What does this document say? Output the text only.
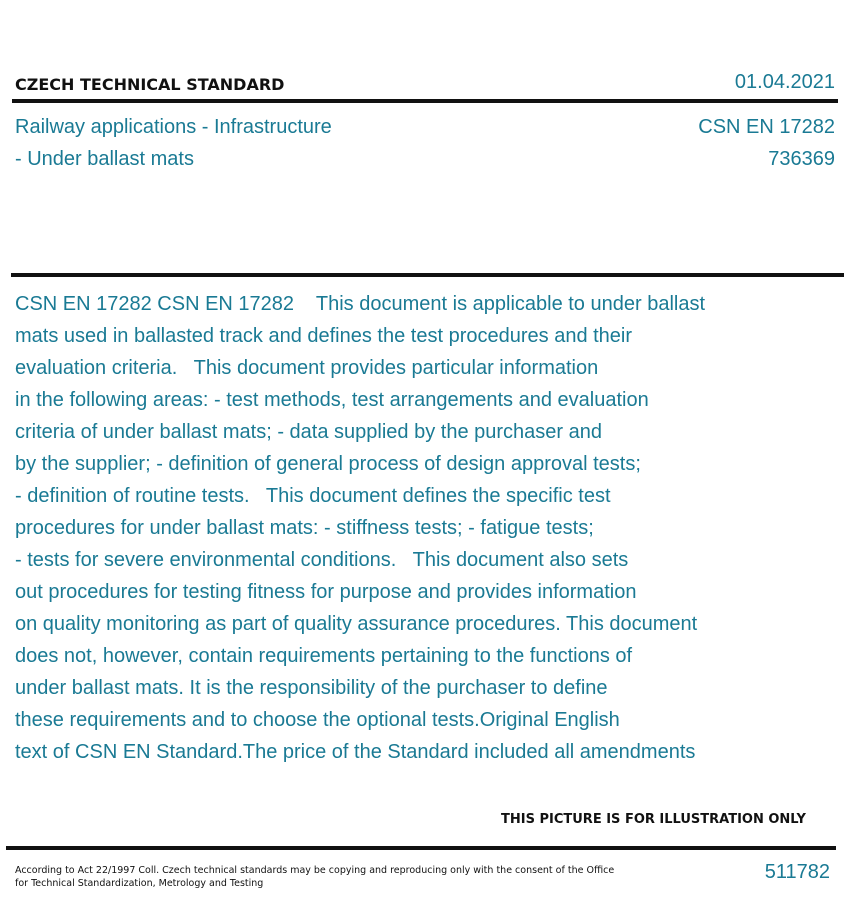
CZECH TECHNICAL STANDARD	01.04.2021
Railway applications - Infrastructure
- Under ballast mats
CSN EN 17282
736369
CSN EN 17282 CSN EN 17282    This document is applicable to under ballast
mats used in ballasted track and defines the test procedures and their
evaluation criteria.   This document provides particular information
in the following areas: - test methods, test arrangements and evaluation
criteria of under ballast mats; - data supplied by the purchaser and
by the supplier; - definition of general process of design approval tests;
- definition of routine tests.   This document defines the specific test
procedures for under ballast mats: - stiffness tests; - fatigue tests;
- tests for severe environmental conditions.   This document also sets
out procedures for testing fitness for purpose and provides information
on quality monitoring as part of quality assurance procedures. This document
does not, however, contain requirements pertaining to the functions of
under ballast mats. It is the responsibility of the purchaser to define
these requirements and to choose the optional tests.Original English
text of CSN EN Standard.The price of the Standard included all amendments
THIS PICTURE IS FOR ILLUSTRATION ONLY
According to Act 22/1997 Coll. Czech technical standards may be copying and reproducing only with the consent of the Office
for Technical Standardization, Metrology and Testing
511782
